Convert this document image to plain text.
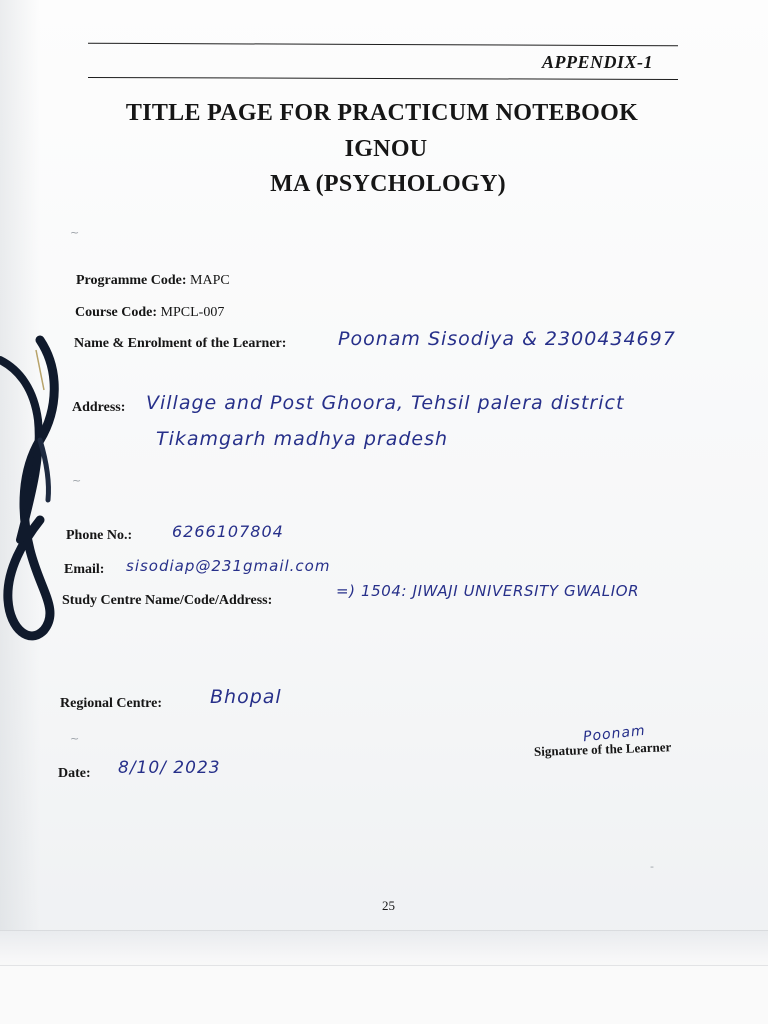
APPENDIX-1
TITLE PAGE FOR PRACTICUM NOTEBOOK
IGNOU
MA (PSYCHOLOGY)
Programme Code: MAPC
Course Code: MPCL-007
Name & Enrolment of the Learner:	Poonam Sisodiya & 2300434697
Address: Village and Post Ghoora, Tehsil palera district
Tikamgarh madhya pradesh
Phone No.: 6266107804
Email: sisodiap@231gmail.com
Study Centre Name/Code/Address:
=) 1504: JIWAJI UNIVERSITY GWALIOR
Regional Centre:	Bhopal
Date: 8/10/ 2023
Poonam
Signature of the Learner
25
~
~
~
-
